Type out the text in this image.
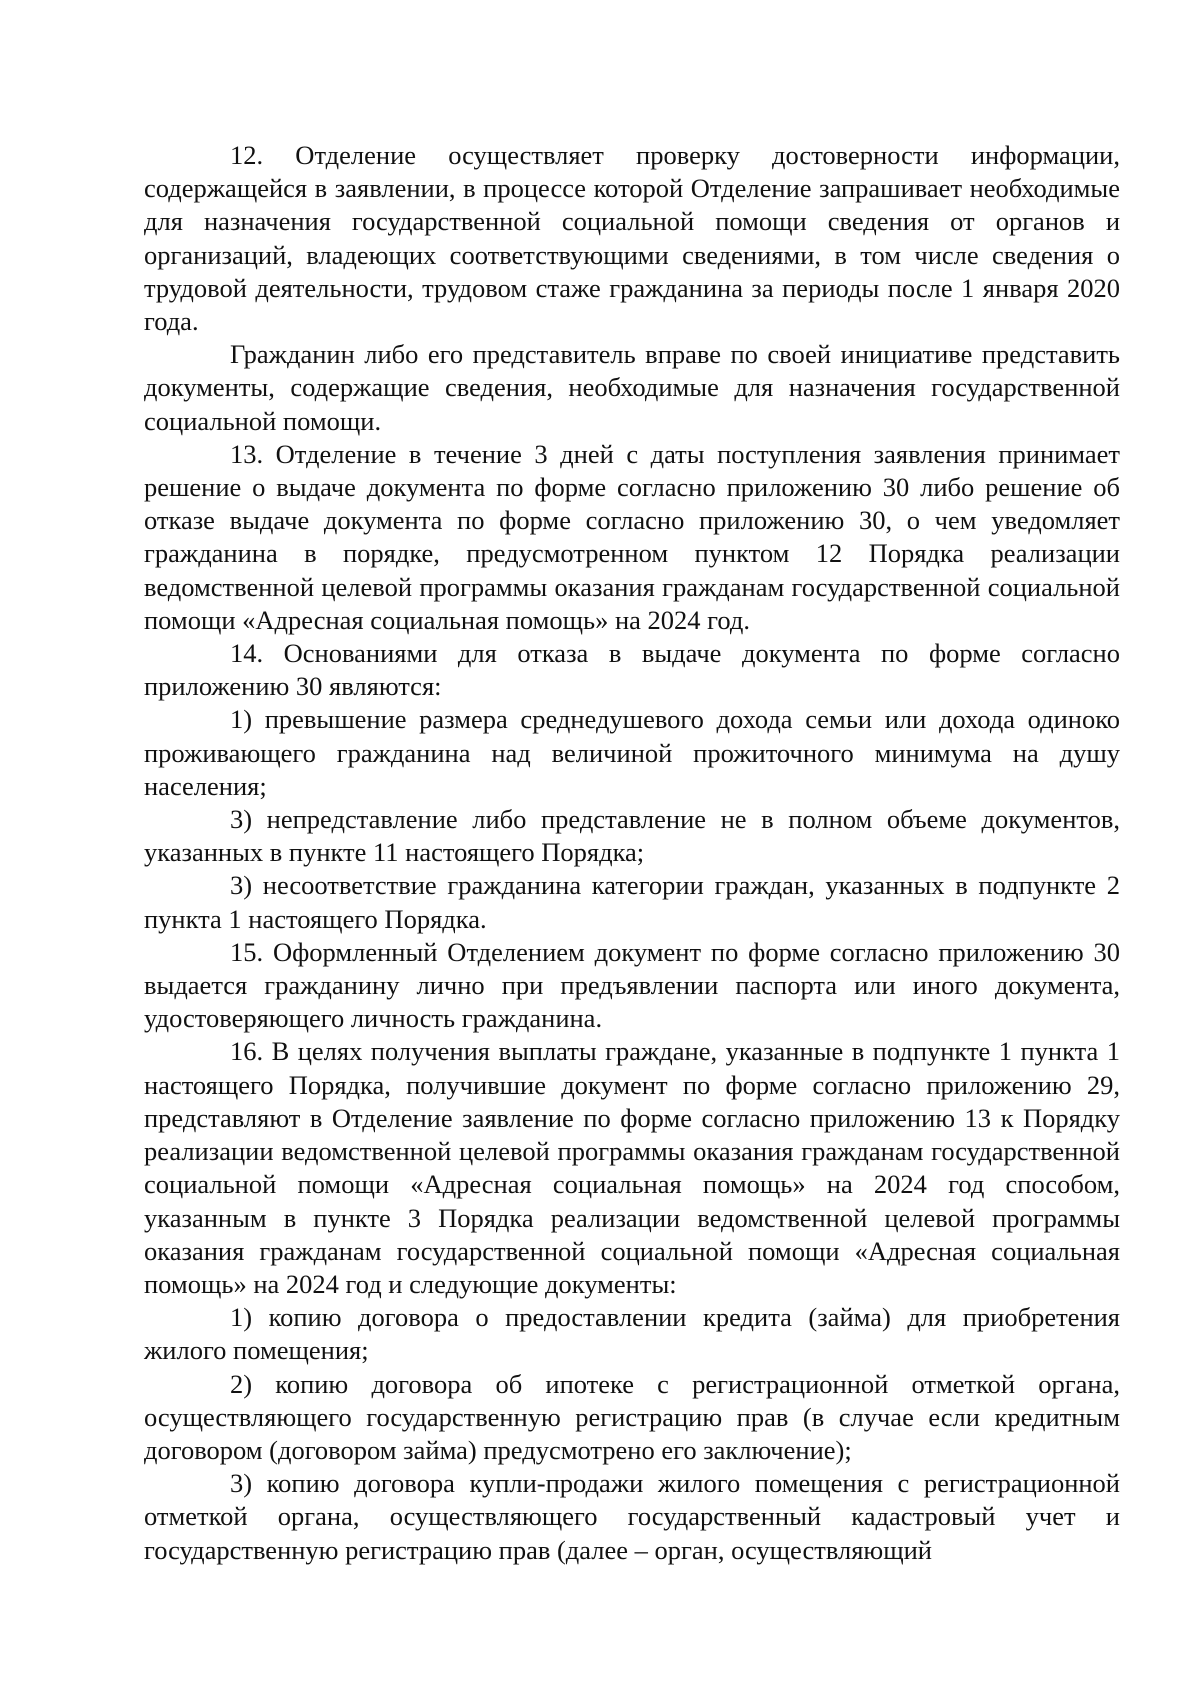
12. Отделение осуществляет проверку достоверности информации, содержащейся в заявлении, в процессе которой Отделение запрашивает необходимые для назначения государственной социальной помощи сведения от органов и организаций, владеющих соответствующими сведениями, в том числе сведения о трудовой деятельности, трудовом стаже гражданина за периоды после 1 января 2020 года.

Гражданин либо его представитель вправе по своей инициативе представить документы, содержащие сведения, необходимые для назначения государственной социальной помощи.

13. Отделение в течение 3 дней с даты поступления заявления принимает решение о выдаче документа по форме согласно приложению 30 либо решение об отказе выдаче документа по форме согласно приложению 30, о чем уведомляет гражданина в порядке, предусмотренном пунктом 12 Порядка реализации ведомственной целевой программы оказания гражданам государственной социальной помощи «Адресная социальная помощь» на 2024 год.

14. Основаниями для отказа в выдаче документа по форме согласно приложению 30 являются:

1) превышение размера среднедушевого дохода семьи или дохода одиноко проживающего гражданина над величиной прожиточного минимума на душу населения;

3) непредставление либо представление не в полном объеме документов, указанных в пункте 11 настоящего Порядка;

3) несоответствие гражданина категории граждан, указанных в подпункте 2 пункта 1 настоящего Порядка.

15. Оформленный Отделением документ по форме согласно приложению 30 выдается гражданину лично при предъявлении паспорта или иного документа, удостоверяющего личность гражданина.

16. В целях получения выплаты граждане, указанные в подпункте 1 пункта 1 настоящего Порядка, получившие документ по форме согласно приложению 29, представляют в Отделение заявление по форме согласно приложению 13 к Порядку реализации ведомственной целевой программы оказания гражданам государственной социальной помощи «Адресная социальная помощь» на 2024 год способом, указанным в пункте 3 Порядка реализации ведомственной целевой программы оказания гражданам государственной социальной помощи «Адресная социальная помощь» на 2024 год и следующие документы:

1) копию договора о предоставлении кредита (займа) для приобретения жилого помещения;

2) копию договора об ипотеке с регистрационной отметкой органа, осуществляющего государственную регистрацию прав (в случае если кредитным договором (договором займа) предусмотрено его заключение);

3) копию договора купли-продажи жилого помещения с регистрационной отметкой органа, осуществляющего государственный кадастровый учет и государственную регистрацию прав (далее – орган, осуществляющий
